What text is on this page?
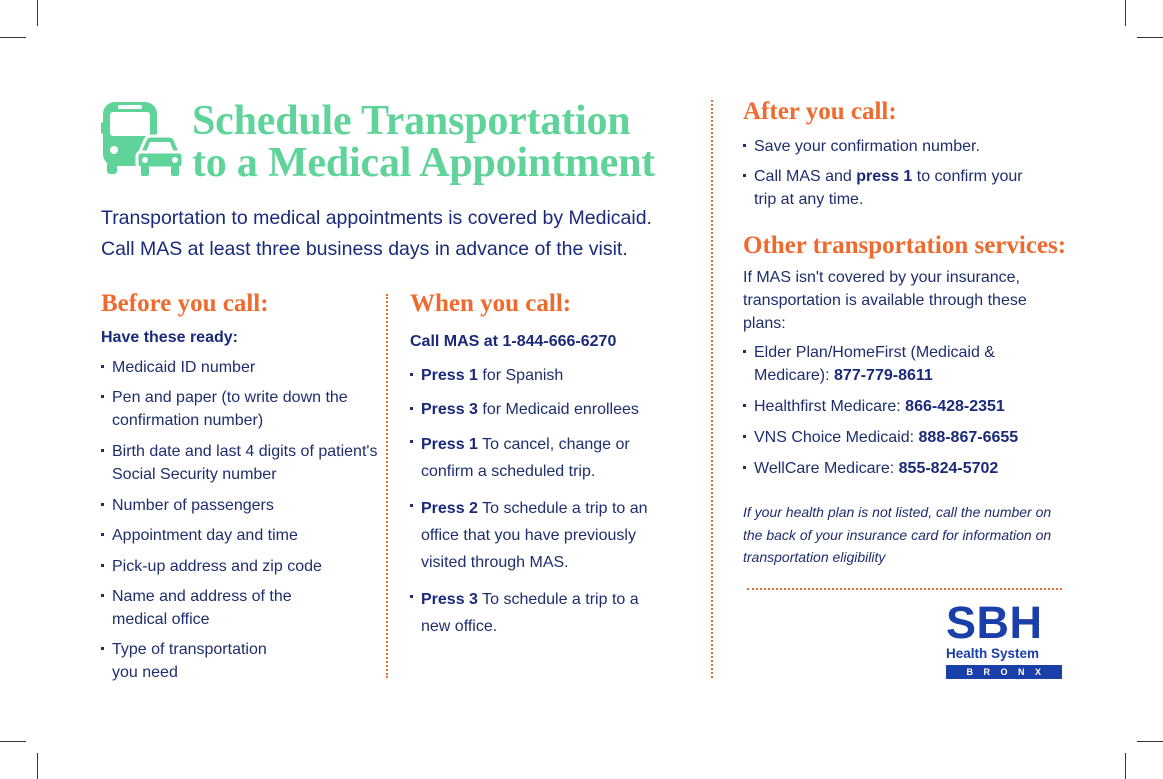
Schedule Transportation
to a Medical Appointment
Transportation to medical appointments is covered by Medicaid.
Call MAS at least three business days in advance of the visit.
Before you call:
Have these ready:
Medicaid ID number
Pen and paper (to write down the confirmation number)
Birth date and last 4 digits of patient's Social Security number
Number of passengers
Appointment day and time
Pick-up address and zip code
Name and address of the medical office
Type of transportation you need
When you call:
Call MAS at 1-844-666-6270
Press 1 for Spanish
Press 3 for Medicaid enrollees
Press 1 To cancel, change or confirm a scheduled trip.
Press 2 To schedule a trip to an office that you have previously visited through MAS.
Press 3 To schedule a trip to a new office.
After you call:
Save your confirmation number.
Call MAS and press 1 to confirm your trip at any time.
Other transportation services:
If MAS isn't covered by your insurance, transportation is available through these plans:
Elder Plan/HomeFirst (Medicaid & Medicare): 877-779-8611
Healthfirst Medicare: 866-428-2351
VNS Choice Medicaid: 888-867-6655
WellCare Medicare: 855-824-5702
If your health plan is not listed, call the number on the back of your insurance card for information on transportation eligibility
SBH
Health System
BRONX
